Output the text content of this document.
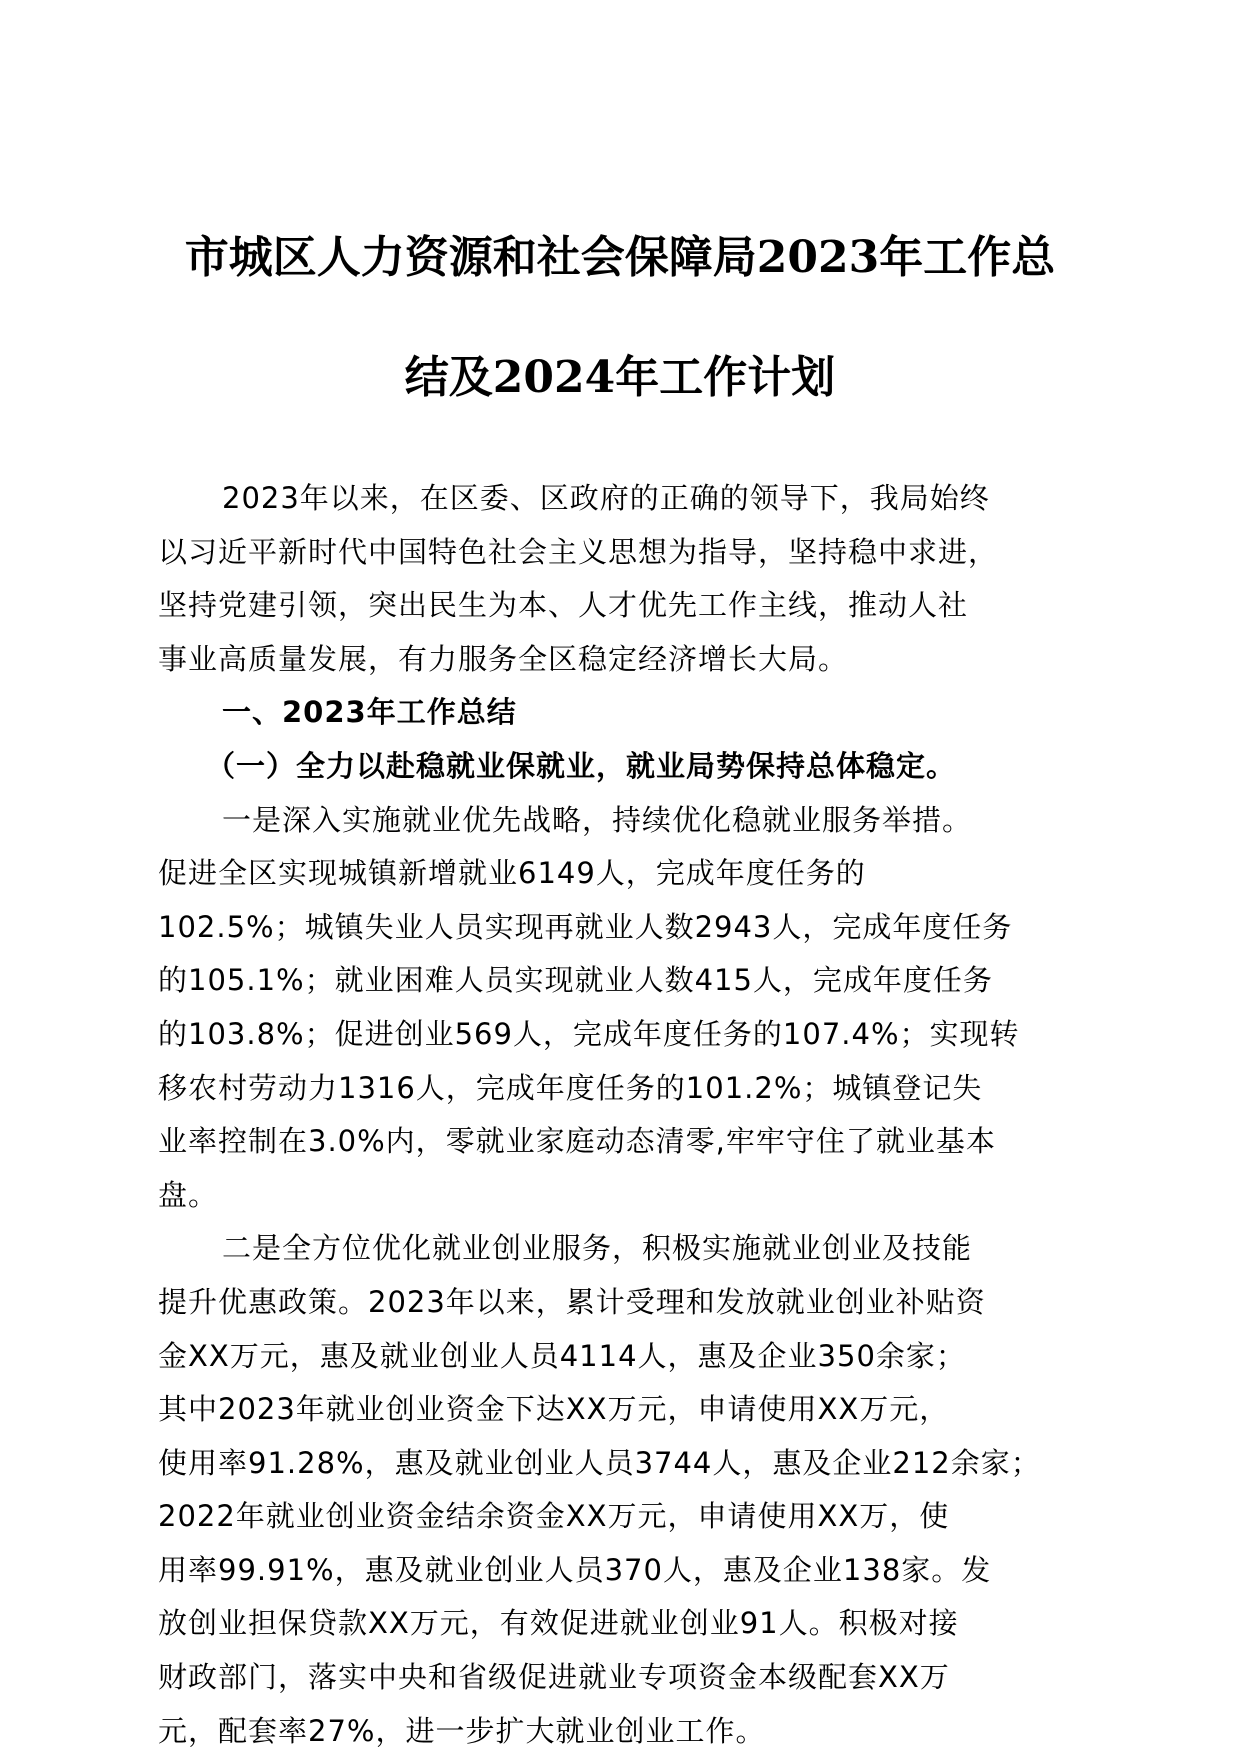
市城区人力资源和社会保障局2023年工作总
结及2024年工作计划
2023年以来，在区委、区政府的正确的领导下，我局始终
以习近平新时代中国特色社会主义思想为指导，坚持稳中求进，
坚持党建引领，突出民生为本、人才优先工作主线，推动人社
事业高质量发展，有力服务全区稳定经济增长大局。
一、2023年工作总结
（一）全力以赴稳就业保就业，就业局势保持总体稳定。
一是深入实施就业优先战略，持续优化稳就业服务举措。
促进全区实现城镇新增就业6149人，完成年度任务的
102.5%；城镇失业人员实现再就业人数2943人，完成年度任务
的105.1%；就业困难人员实现就业人数415人，完成年度任务
的103.8%；促进创业569人，完成年度任务的107.4%；实现转
移农村劳动力1316人，完成年度任务的101.2%；城镇登记失
业率控制在3.0%内，零就业家庭动态清零,牢牢守住了就业基本
盘。
二是全方位优化就业创业服务，积极实施就业创业及技能
提升优惠政策。2023年以来，累计受理和发放就业创业补贴资
金XX万元，惠及就业创业人员4114人，惠及企业350余家；
其中2023年就业创业资金下达XX万元，申请使用XX万元，
使用率91.28%，惠及就业创业人员3744人，惠及企业212余家；
2022年就业创业资金结余资金XX万元，申请使用XX万，使
用率99.91%，惠及就业创业人员370人，惠及企业138家。发
放创业担保贷款XX万元，有效促进就业创业91人。积极对接
财政部门，落实中央和省级促进就业专项资金本级配套XX万
元，配套率27%，进一步扩大就业创业工作。
